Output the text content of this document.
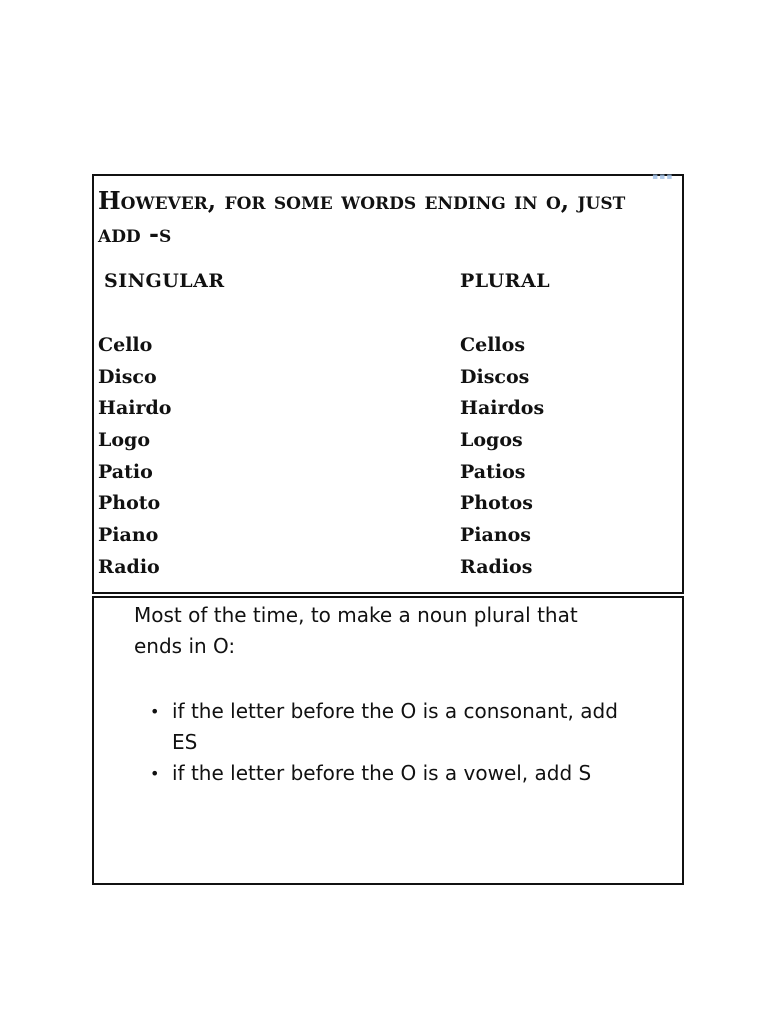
▪▪▪
However, for some words ending in o, just add -s
SINGULAR	PLURAL
Cello
Disco
Hairdo
Logo
Patio
Photo
Piano
Radio
Cellos
Discos
Hairdos
Logos
Patios
Photos
Pianos
Radios

Most of the time, to make a noun plural that ends in O:

• if the letter before the O is a consonant, add ES
• if the letter before the O is a vowel, add S
